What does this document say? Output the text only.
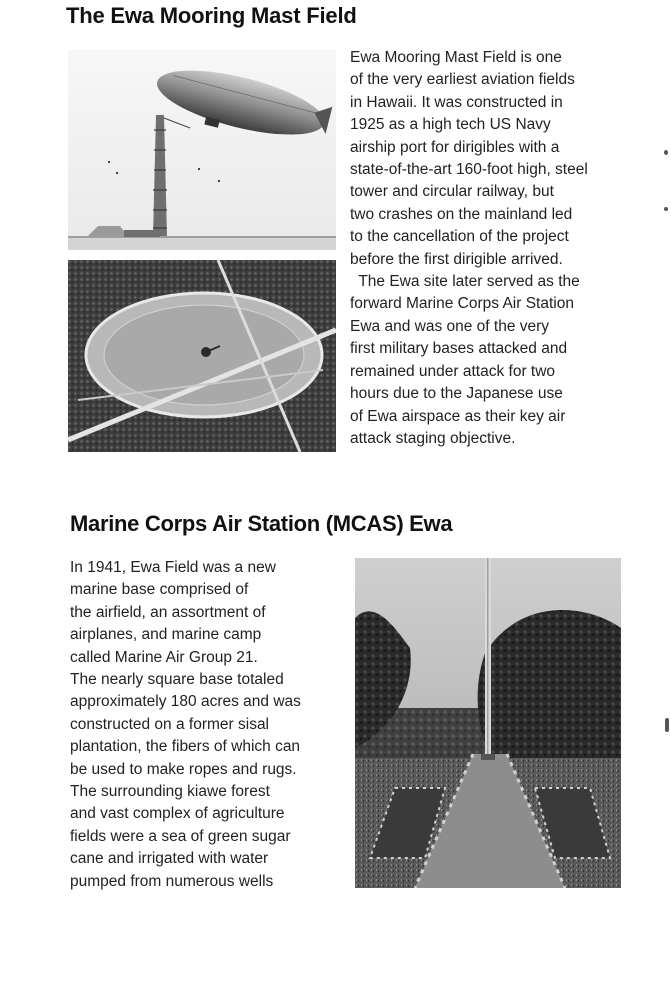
The Ewa Mooring Mast Field
Ewa Mooring Mast Field is one
of the very earliest aviation fields
in Hawaii. It was constructed in
1925 as a high tech US Navy
airship port for dirigibles with a
state-of-the-art 160-foot high, steel
tower and circular railway, but
two crashes on the mainland led
to the cancellation of the project
before the first dirigible arrived.
The Ewa site later served as the
forward Marine Corps Air Station
Ewa and was one of the very
first military bases attacked and
remained under attack for two
hours due to the Japanese use
of Ewa airspace as their key air
attack staging objective.
Marine Corps Air Station (MCAS) Ewa
In 1941, Ewa Field was a new
marine base comprised of
the airfield, an assortment of
airplanes, and marine camp
called Marine Air Group 21.
The nearly square base totaled
approximately 180 acres and was
constructed on a former sisal
plantation, the fibers of which can
be used to make ropes and rugs.
The surrounding kiawe forest
and vast complex of agriculture
fields were a sea of green sugar
cane and irrigated with water
pumped from numerous wells
